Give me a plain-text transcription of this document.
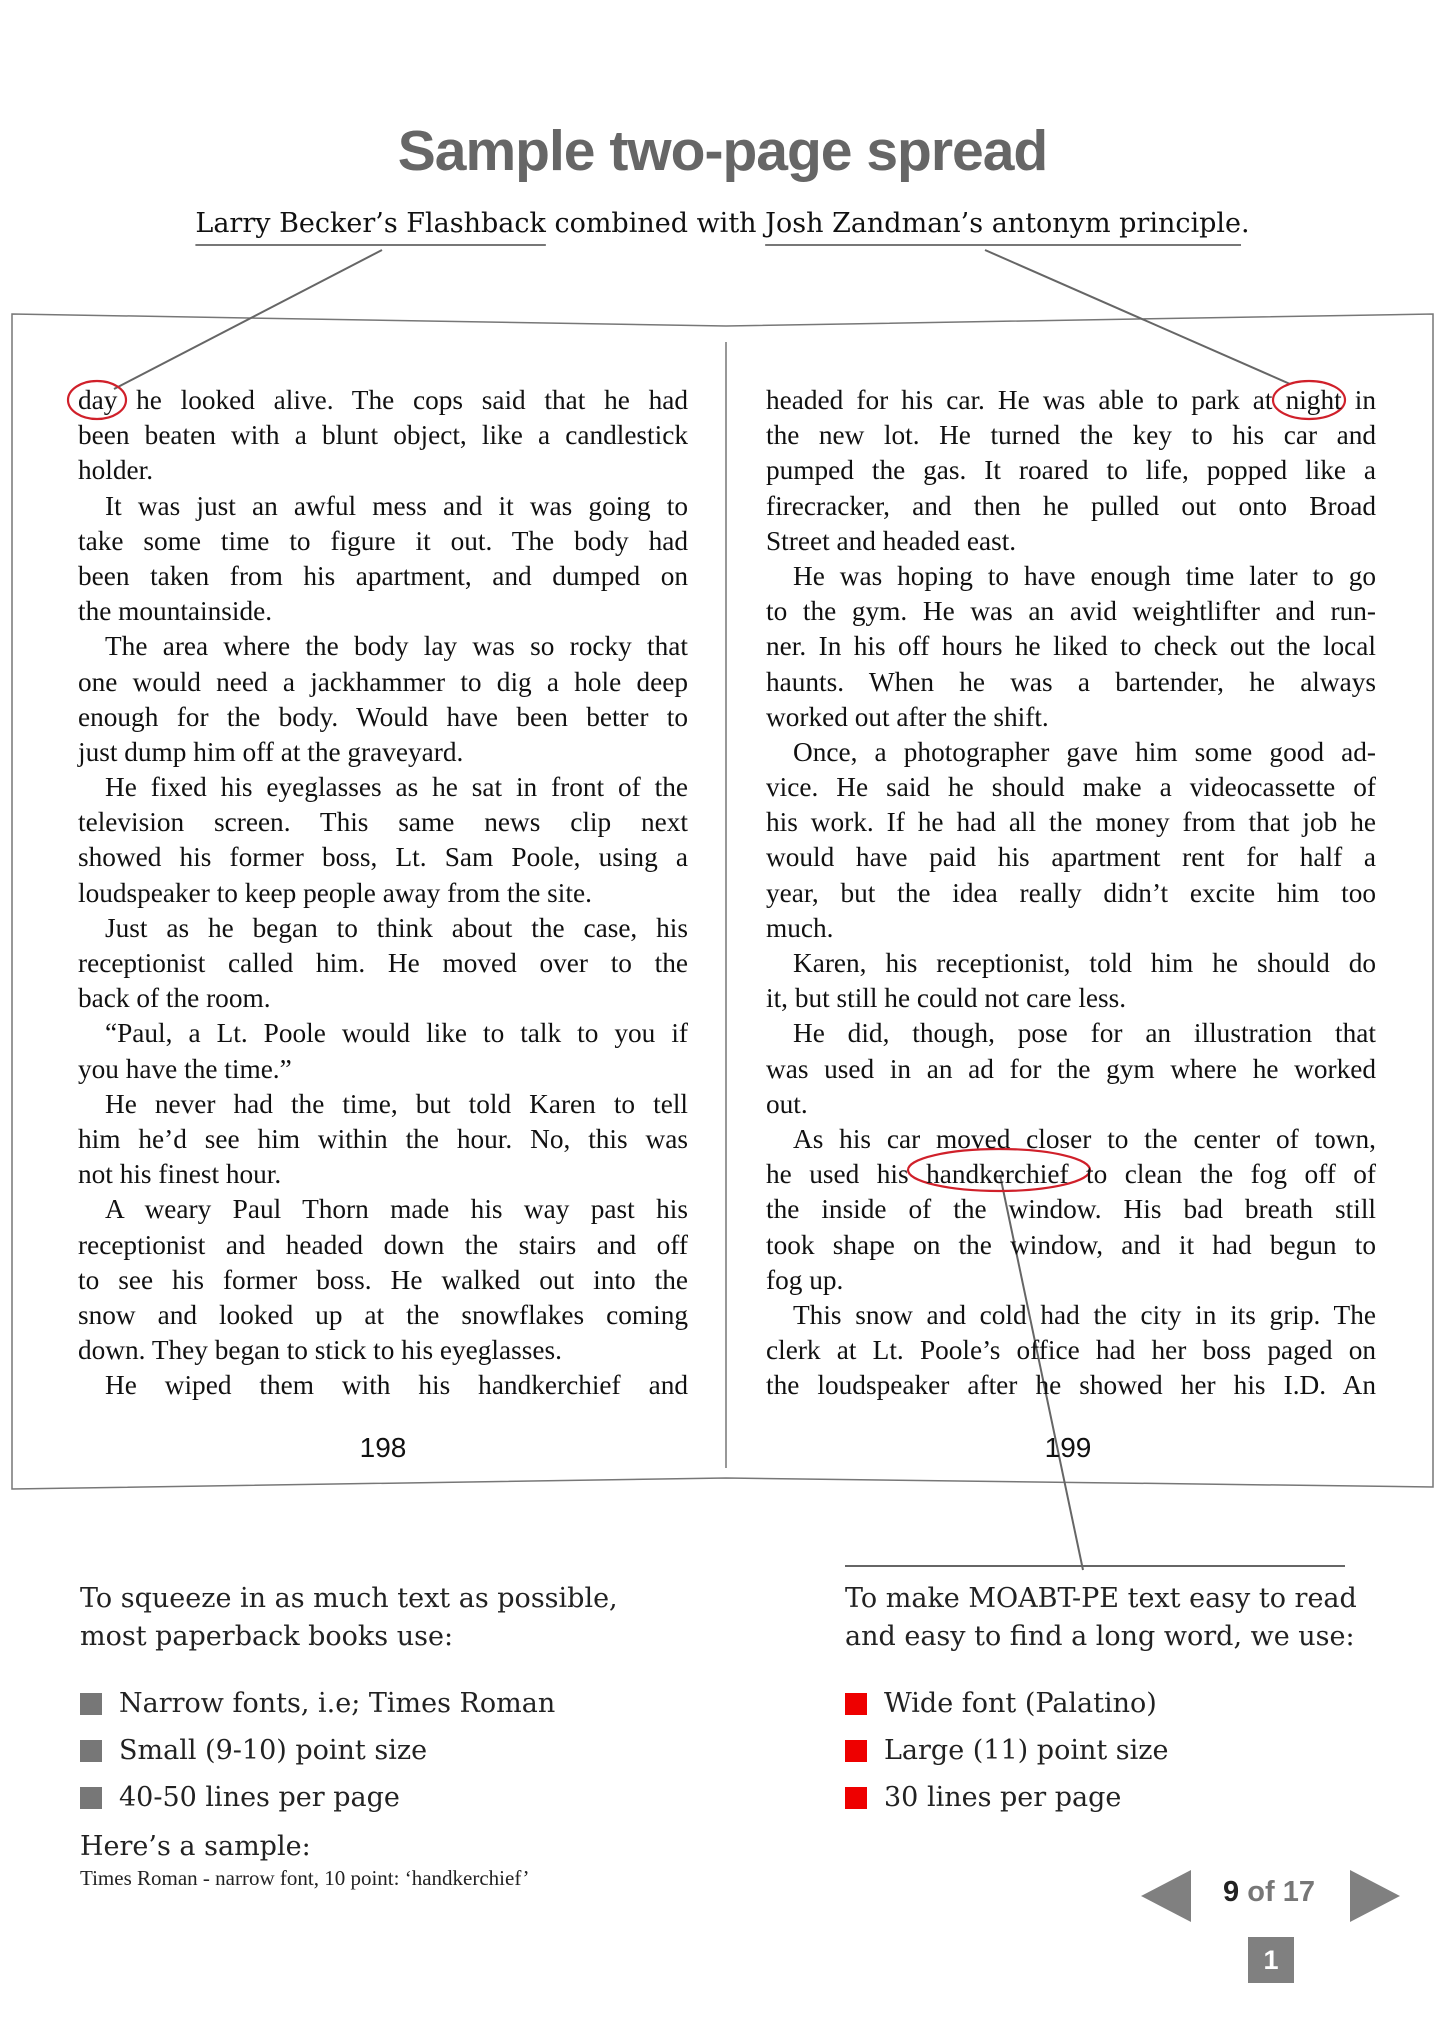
Sample two-page spread
Larry Becker’s Flashback combined with Josh Zandman’s antonym principle.
day he looked alive. The cops said that he had
been beaten with a blunt object, like a candlestick
holder.
It was just an awful mess and it was going to
take some time to figure it out. The body had
been taken from his apartment, and dumped on
the mountainside.
The area where the body lay was so rocky that
one would need a jackhammer to dig a hole deep
enough for the body. Would have been better to
just dump him off at the graveyard.
He fixed his eyeglasses as he sat in front of the
television screen. This same news clip next
showed his former boss, Lt. Sam Poole, using a
loudspeaker to keep people away from the site.
Just as he began to think about the case, his
receptionist called him. He moved over to the
back of the room.
“Paul, a Lt. Poole would like to talk to you if
you have the time.”
He never had the time, but told Karen to tell
him he’d see him within the hour. No, this was
not his finest hour.
A weary Paul Thorn made his way past his
receptionist and headed down the stairs and off
to see his former boss. He walked out into the
snow and looked up at the snowflakes coming
down. They began to stick to his eyeglasses.
He wiped them with his handkerchief and
headed for his car. He was able to park at night in
the new lot. He turned the key to his car and
pumped the gas. It roared to life, popped like a
firecracker, and then he pulled out onto Broad
Street and headed east.
He was hoping to have enough time later to go
to the gym. He was an avid weightlifter and run-
ner. In his off hours he liked to check out the local
haunts. When he was a bartender, he always
worked out after the shift.
Once, a photographer gave him some good ad-
vice. He said he should make a videocassette of
his work. If he had all the money from that job he
would have paid his apartment rent for half a
year, but the idea really didn’t excite him too
much.
Karen, his receptionist, told him he should do
it, but still he could not care less.
He did, though, pose for an illustration that
was used in an ad for the gym where he worked
out.
As his car moved closer to the center of town,
he used his handkerchief to clean the fog off of
the inside of the window. His bad breath still
took shape on the window, and it had begun to
fog up.
This snow and cold had the city in its grip. The
clerk at Lt. Poole’s office had her boss paged on
the loudspeaker after he showed her his I.D. An
198	199
To squeeze in as much text as possible,
most paperback books use:
Narrow fonts, i.e; Times Roman
Small (9-10) point size
40-50 lines per page
Here’s a sample:
Times Roman - narrow font, 10 point: ‘handkerchief’
To make MOABT-PE text easy to read
and easy to find a long word, we use:
Wide font (Palatino)
Large (11) point size
30 lines per page
9 of 17
1
